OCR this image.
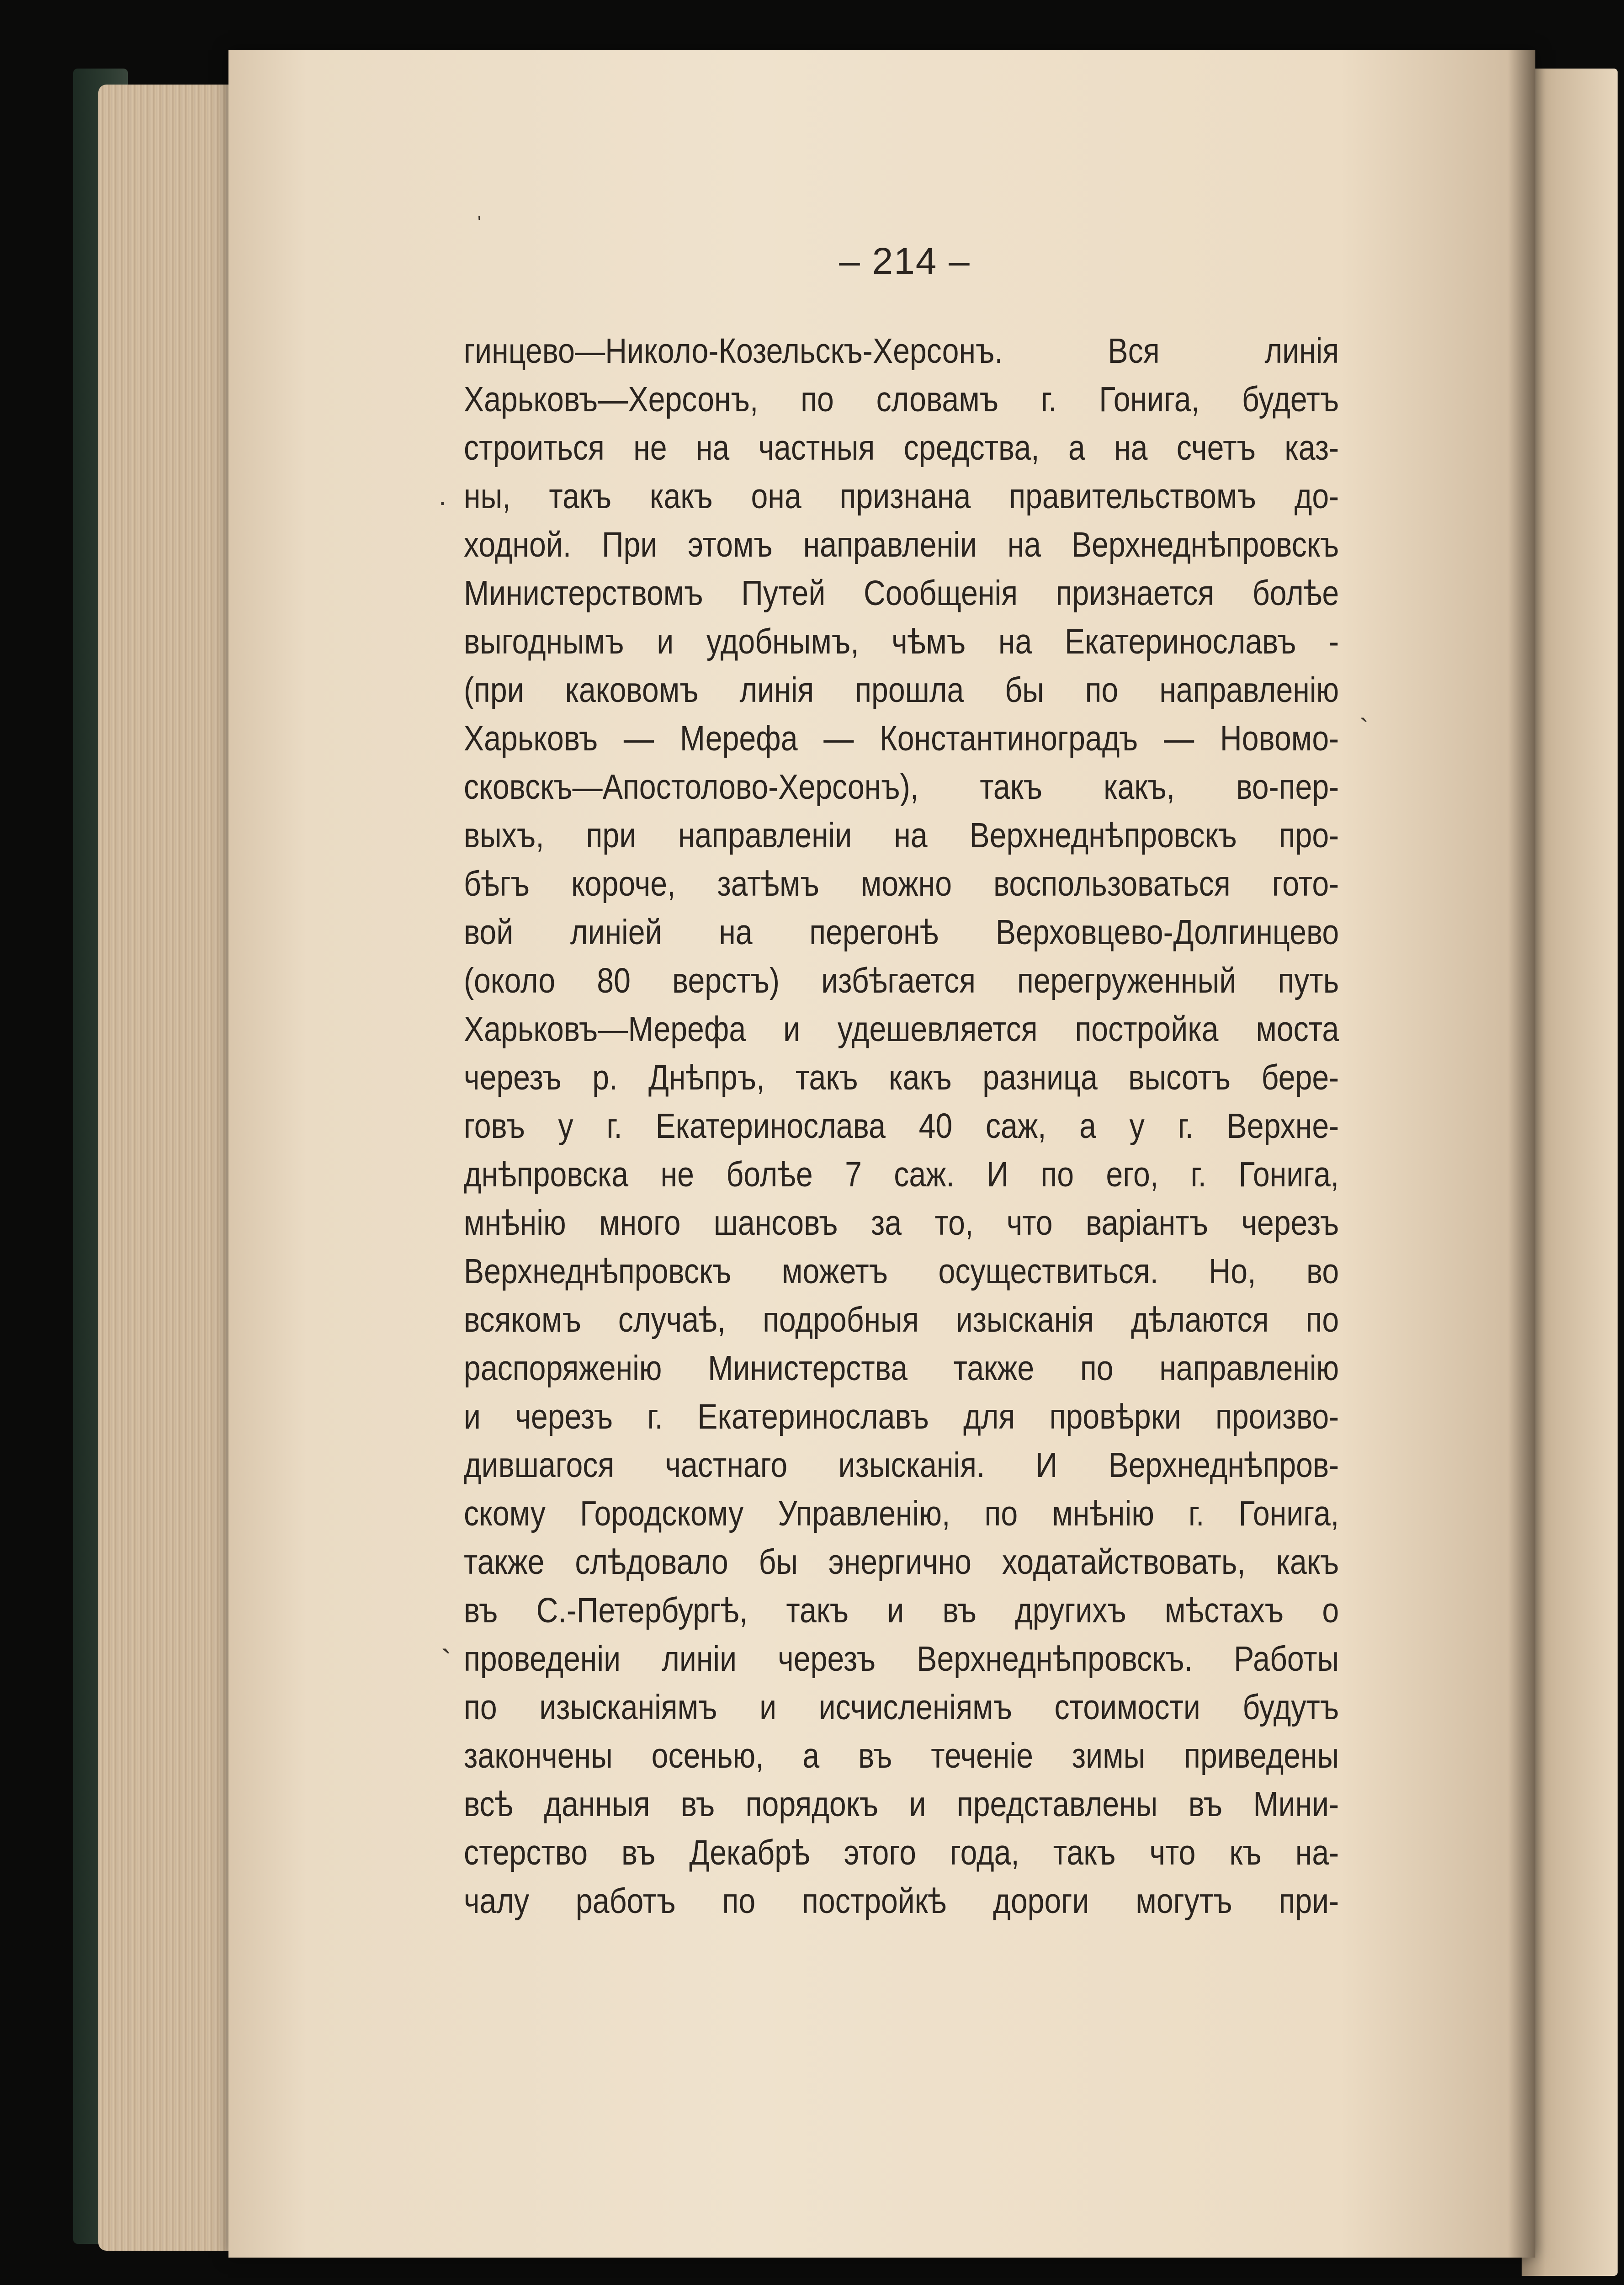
– 214 –
гинцево—Николо-Козельскъ-Херсонъ. Вся линія
Харьковъ—Херсонъ, по словамъ г. Гонига, будетъ
строиться не на частныя средства, а на счетъ каз-
ны, такъ какъ она признана правительствомъ до-
ходной. При этомъ направленіи на Верхнеднѣпровскъ
Министерствомъ Путей Сообщенія признается болѣе
выгоднымъ и удобнымъ, чѣмъ на Екатеринославъ -
(при каковомъ линія прошла бы по направленію
Харьковъ — Мерефа — Константиноградъ — Новомо-
сковскъ—Апостолово-Херсонъ), такъ какъ, во-пер-
выхъ, при направленіи на Верхнеднѣпровскъ про-
бѣгъ короче, затѣмъ можно воспользоваться гото-
вой линіей на перегонѣ Верховцево-Долгинцево
(около 80 верстъ) избѣгается перегруженный путь
Харьковъ—Мерефа и удешевляется постройка моста
черезъ р. Днѣпръ, такъ какъ разница высотъ бере-
говъ у г. Екатеринослава 40 саж, а у г. Верхне-
днѣпровска не болѣе 7 саж. И по его, г. Гонига,
мнѣнію много шансовъ за то, что варіантъ черезъ
Верхнеднѣпровскъ можетъ осуществиться. Но, во
всякомъ случаѣ, подробныя изысканія дѣлаются по
распоряженію Министерства также по направленію
и черезъ г. Екатеринославъ для провѣрки произво-
дившагося частнаго изысканія. И Верхнеднѣпров-
скому Городскому Управленію, по мнѣнію г. Гонига,
также слѣдовало бы энергично ходатайствовать, какъ
въ С.-Петербургѣ, такъ и въ другихъ мѣстахъ о
проведеніи линіи черезъ Верхнеднѣпровскъ. Работы
по изысканіямъ и исчисленіямъ стоимости будутъ
закончены осенью, а въ теченіе зимы приведены
всѣ данныя въ порядокъ и представлены въ Мини-
стерство въ Декабрѣ этого года, такъ что къ на-
чалу работъ по постройкѣ дороги могутъ при-
'
.
`
`
